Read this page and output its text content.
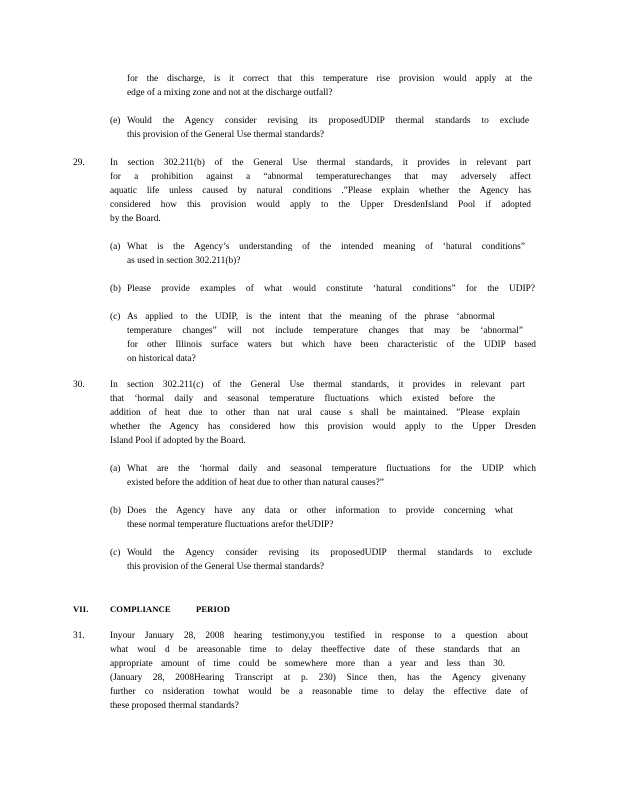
for the discharge, is it correct that this temperature rise provision would apply at the
edge of a mixing zone and not at the discharge outfall?
(e) Would the Agency consider revising its proposedUDIP thermal standards to exclude
this provision of the General Use thermal standards?
29.	In section 302.211(b) of the General Use thermal standards, it provides in relevant part
for a prohibition against a “abnormal temperaturechanges that may adversely affect
aquatic life unless caused by natural conditions .”Please explain whether the Agency has
considered how this provision would apply to the Upper DresdenIsland Pool if adopted
by the Board.
(a) What is the Agency’s understanding of the intended meaning of ‘hatural conditions”
as used in section 302.211(b)?
(b) Please provide examples of what would constitute ‘hatural conditions” for the UDIP?
(c) As applied to the UDIP, is the intent that the meaning of the phrase ‘abnormal
temperature changes” will not include temperature changes that may be ‘abnormal”
for other Illinois surface waters but which have been characteristic of the UDIP based
on historical data?
30.	In section 302.211(c) of the General Use thermal standards, it provides in relevant part
that ‘hormal daily and seasonal temperature fluctuations which existed before the
addition of heat due to other than nat ural cause s shall be maintained. ”Please explain
whether the Agency has considered how this provision would apply to the Upper Dresden
Island Pool if adopted by the Board.
(a) What are the ‘hormal daily and seasonal temperature fluctuations for the UDIP which
existed before the addition of heat due to other than natural causes?”
(b) Does the Agency have any data or other information to provide concerning what
these normal temperature fluctuations arefor theUDIP?
(c) Would the Agency consider revising its proposedUDIP thermal standards to exclude
this provision of the General Use thermal standards?
VII.	COMPLIANCE	PERIOD
31.	Inyour January 28, 2008 hearing testimony,you testified in response to a question about
what woul d be areasonable time to delay theeffective date of these standards that an
appropriate amount of time could be somewhere more than a year and less than 30.
(January 28, 2008Hearing Transcript at p. 230) Since then, has the Agency givenany
further co nsideration towhat would be a reasonable time to delay the effective date of
these proposed thermal standards?
